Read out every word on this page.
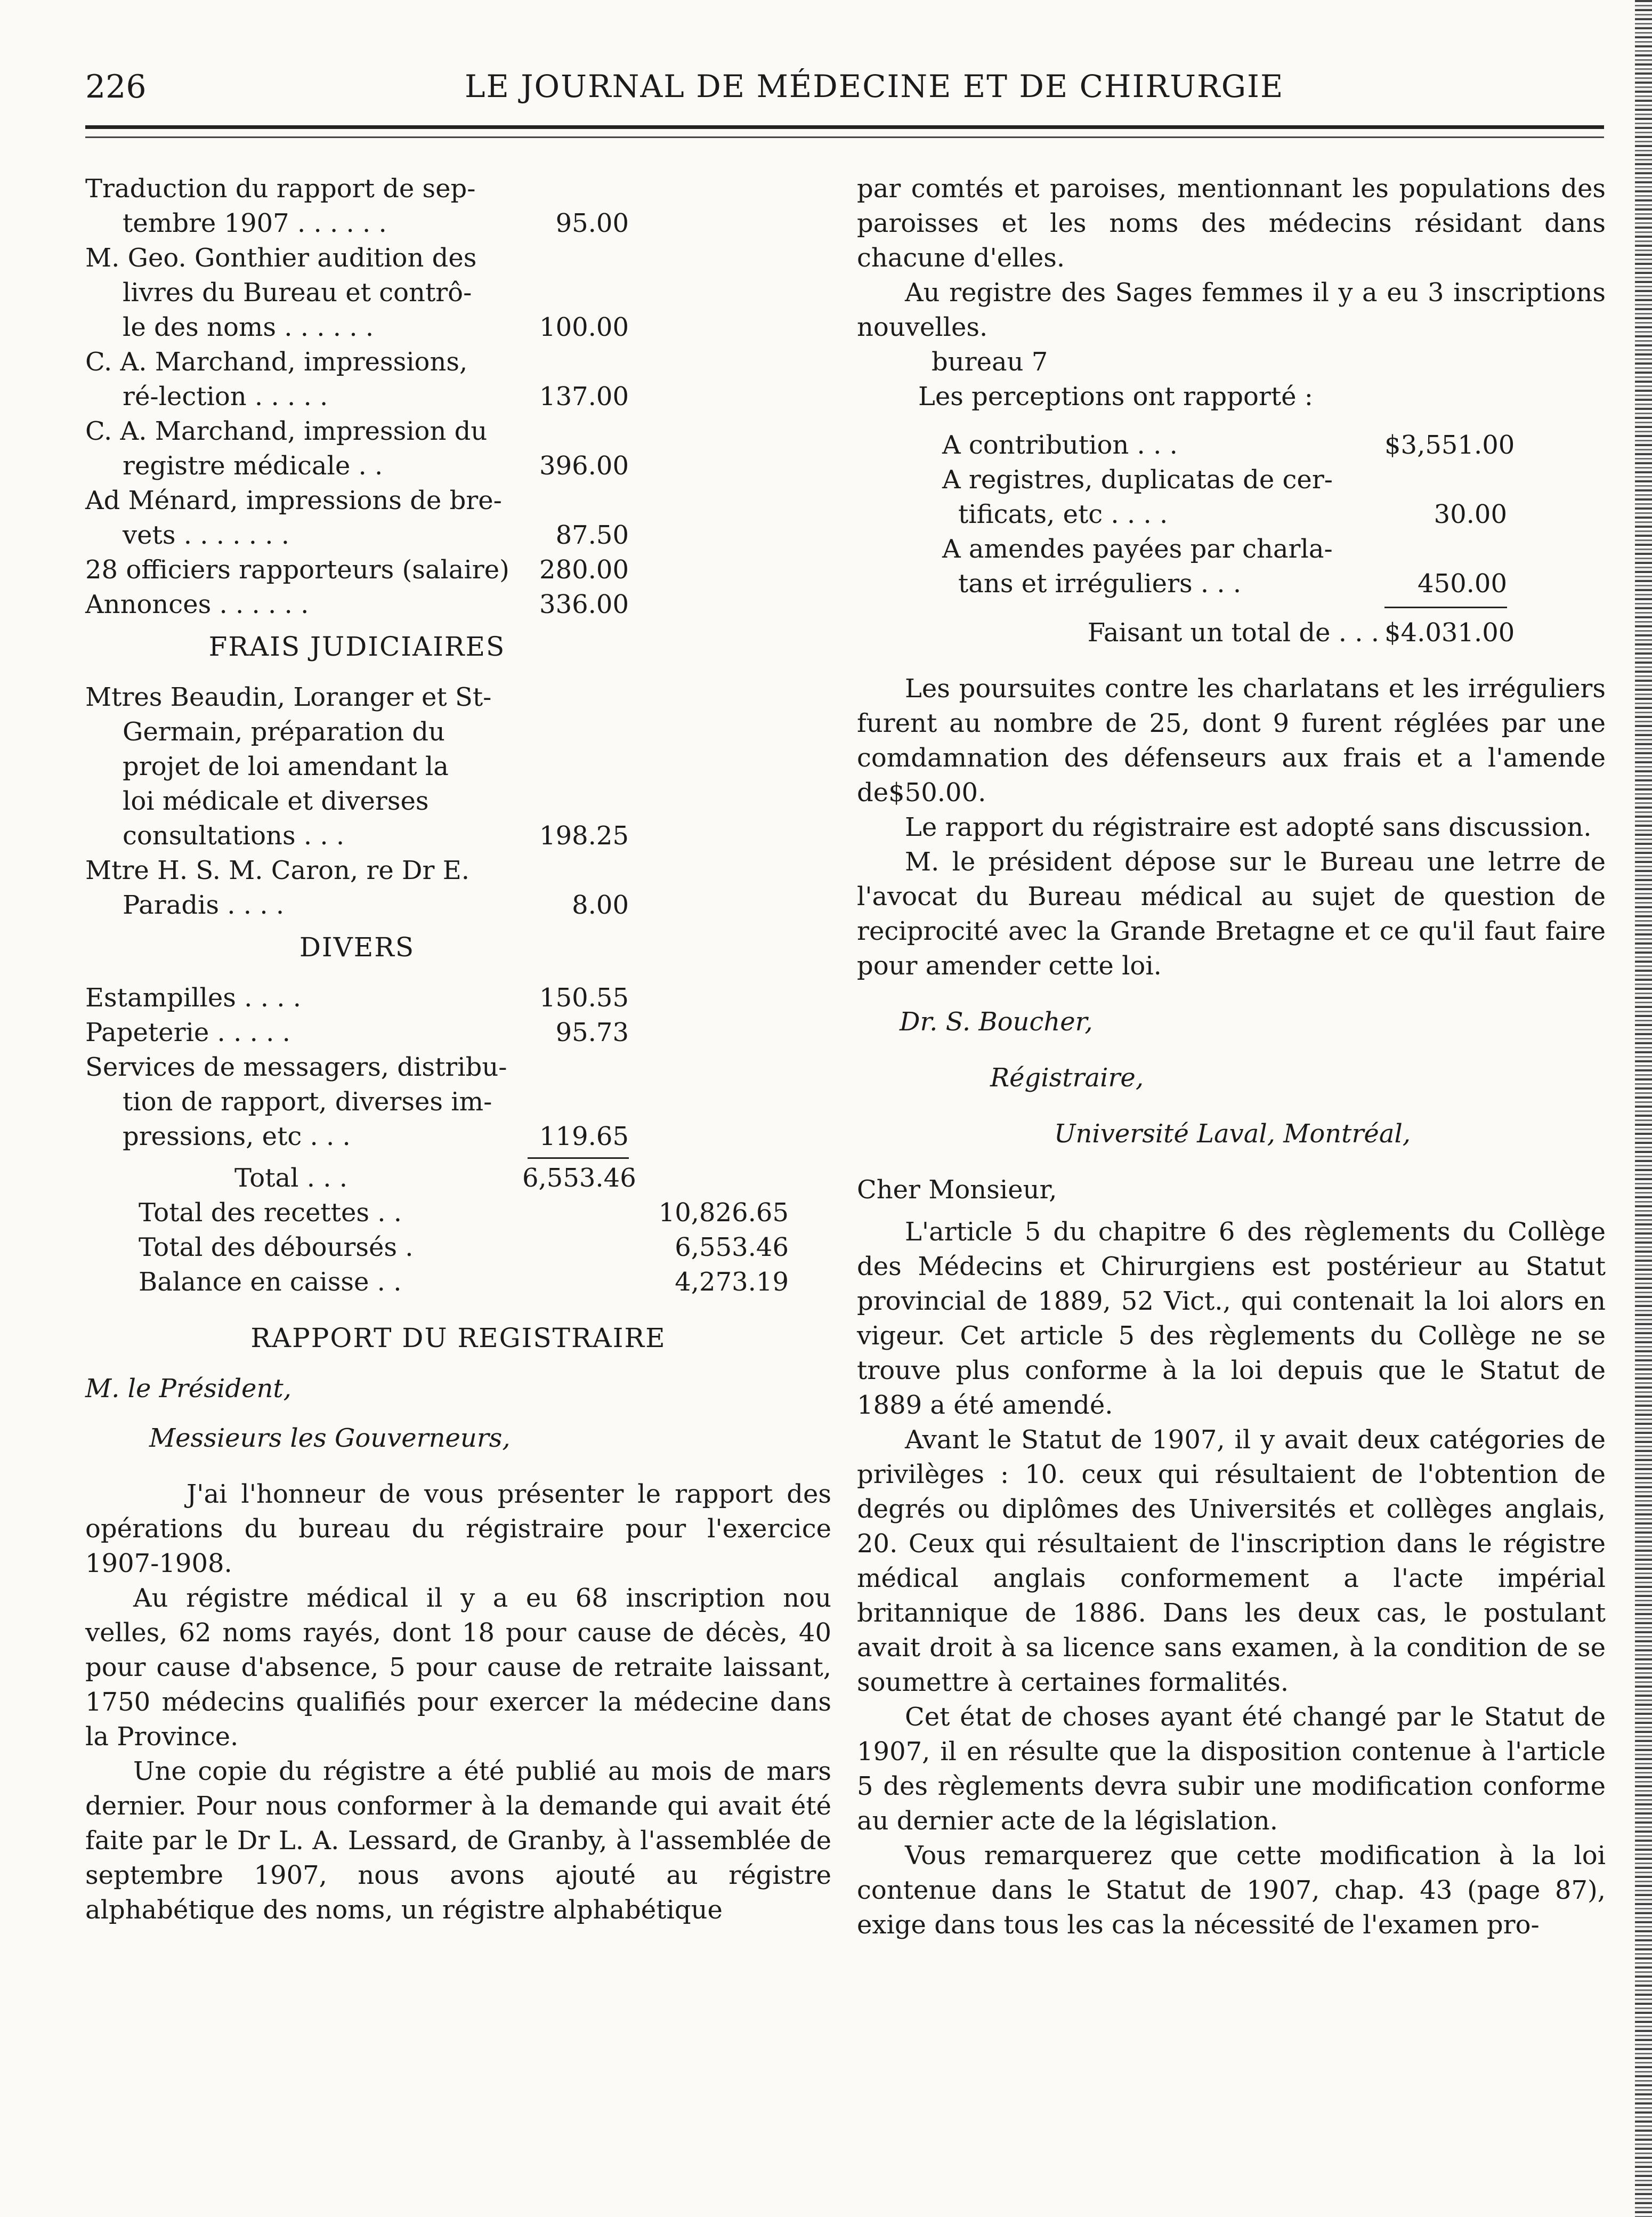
226	LE JOURNAL DE MÉDECINE ET DE CHIRURGIE
Traduction du rapport de sep-
tembre 1907 . . . . . .	95.00
M. Geo. Gonthier audition des
livres du Bureau et contrô-
le des noms . . . . . .	100.00
C. A. Marchand, impressions,
ré-lection . . . . .	137.00
C. A. Marchand, impression du
registre médicale . .	396.00
Ad Ménard, impressions de bre-
vets . . . . . . .	87.50
28 officiers rapporteurs (salaire)	280.00
Annonces . . . . . .	336.00
FRAIS JUDICIAIRES
Mtres Beaudin, Loranger et St-
Germain, préparation du
projet de loi amendant la
loi médicale et diverses
consultations . . .	198.25
Mtre H. S. M. Caron, re Dr E.
Paradis . . . .	8.00
DIVERS
Estampilles . . . .	150.55
Papeterie . . . . .	95.73
Services de messagers, distribu-
tion de rapport, diverses im-
pressions, etc . . .	119.65
Total . . .	6,553.46
Total des recettes . .	10,826.65
Total des déboursés .	6,553.46
Balance en caisse . .	4,273.19
RAPPORT DU REGISTRAIRE
M. le Président,
Messieurs les Gouverneurs,

J'ai l'honneur de vous présenter le rapport des opérations du bureau du régistraire pour l'exercice 1907-1908.

Au régistre médical il y a eu 68 inscription nou velles, 62 noms rayés, dont 18 pour cause de décès, 40 pour cause d'absence, 5 pour cause de retraite laissant, 1750 médecins qualifiés pour exercer la médecine dans la Province.

Une copie du régistre a été publié au mois de mars dernier. Pour nous conformer à la demande qui avait été faite par le Dr L. A. Lessard, de Granby, à l'assemblée de septembre 1907, nous avons ajouté au régistre alphabétique des noms, un régistre alphabétique

par comtés et paroises, mentionnant les populations des paroisses et les noms des médecins résidant dans chacune d'elles.

Au registre des Sages femmes il y a eu 3 inscriptions nouvelles.

bureau 7
Les perceptions ont rapporté :
A contribution . . .	$3,551.00
A registres, duplicatas de cer-
tificats, etc . . . .	30.00
A amendes payées par charla-
tans et irréguliers . . .	450.00
Faisant un total de . . . $4.031.00

Les poursuites contre les charlatans et les irréguliers furent au nombre de 25, dont 9 furent réglées par une comdamnation des défenseurs aux frais et a l'amende de$50.00.

Le rapport du régistraire est adopté sans discussion.

M. le président dépose sur le Bureau une letrre de l'avocat du Bureau médical au sujet de question de reciprocité avec la Grande Bretagne et ce qu'il faut faire pour amender cette loi.

Dr. S. Boucher,
Régistraire,
Université Laval, Montréal,
Cher Monsieur,

L'article 5 du chapitre 6 des règlements du Collège des Médecins et Chirurgiens est postérieur au Statut provincial de 1889, 52 Vict., qui contenait la loi alors en vigeur. Cet article 5 des règlements du Collège ne se trouve plus conforme à la loi depuis que le Statut de 1889 a été amendé.

Avant le Statut de 1907, il y avait deux catégories de privilèges : 10. ceux qui résultaient de l'obtention de degrés ou diplômes des Universités et collèges anglais, 20. Ceux qui résultaient de l'inscription dans le régistre médical anglais conformement a l'acte impérial britannique de 1886. Dans les deux cas, le postulant avait droit à sa licence sans examen, à la condition de se soumettre à certaines formalités.

Cet état de choses ayant été changé par le Statut de 1907, il en résulte que la disposition contenue à l'article 5 des règlements devra subir une modification conforme au dernier acte de la législation.

Vous remarquerez que cette modification à la loi contenue dans le Statut de 1907, chap. 43 (page 87), exige dans tous les cas la nécessité de l'examen pro-
